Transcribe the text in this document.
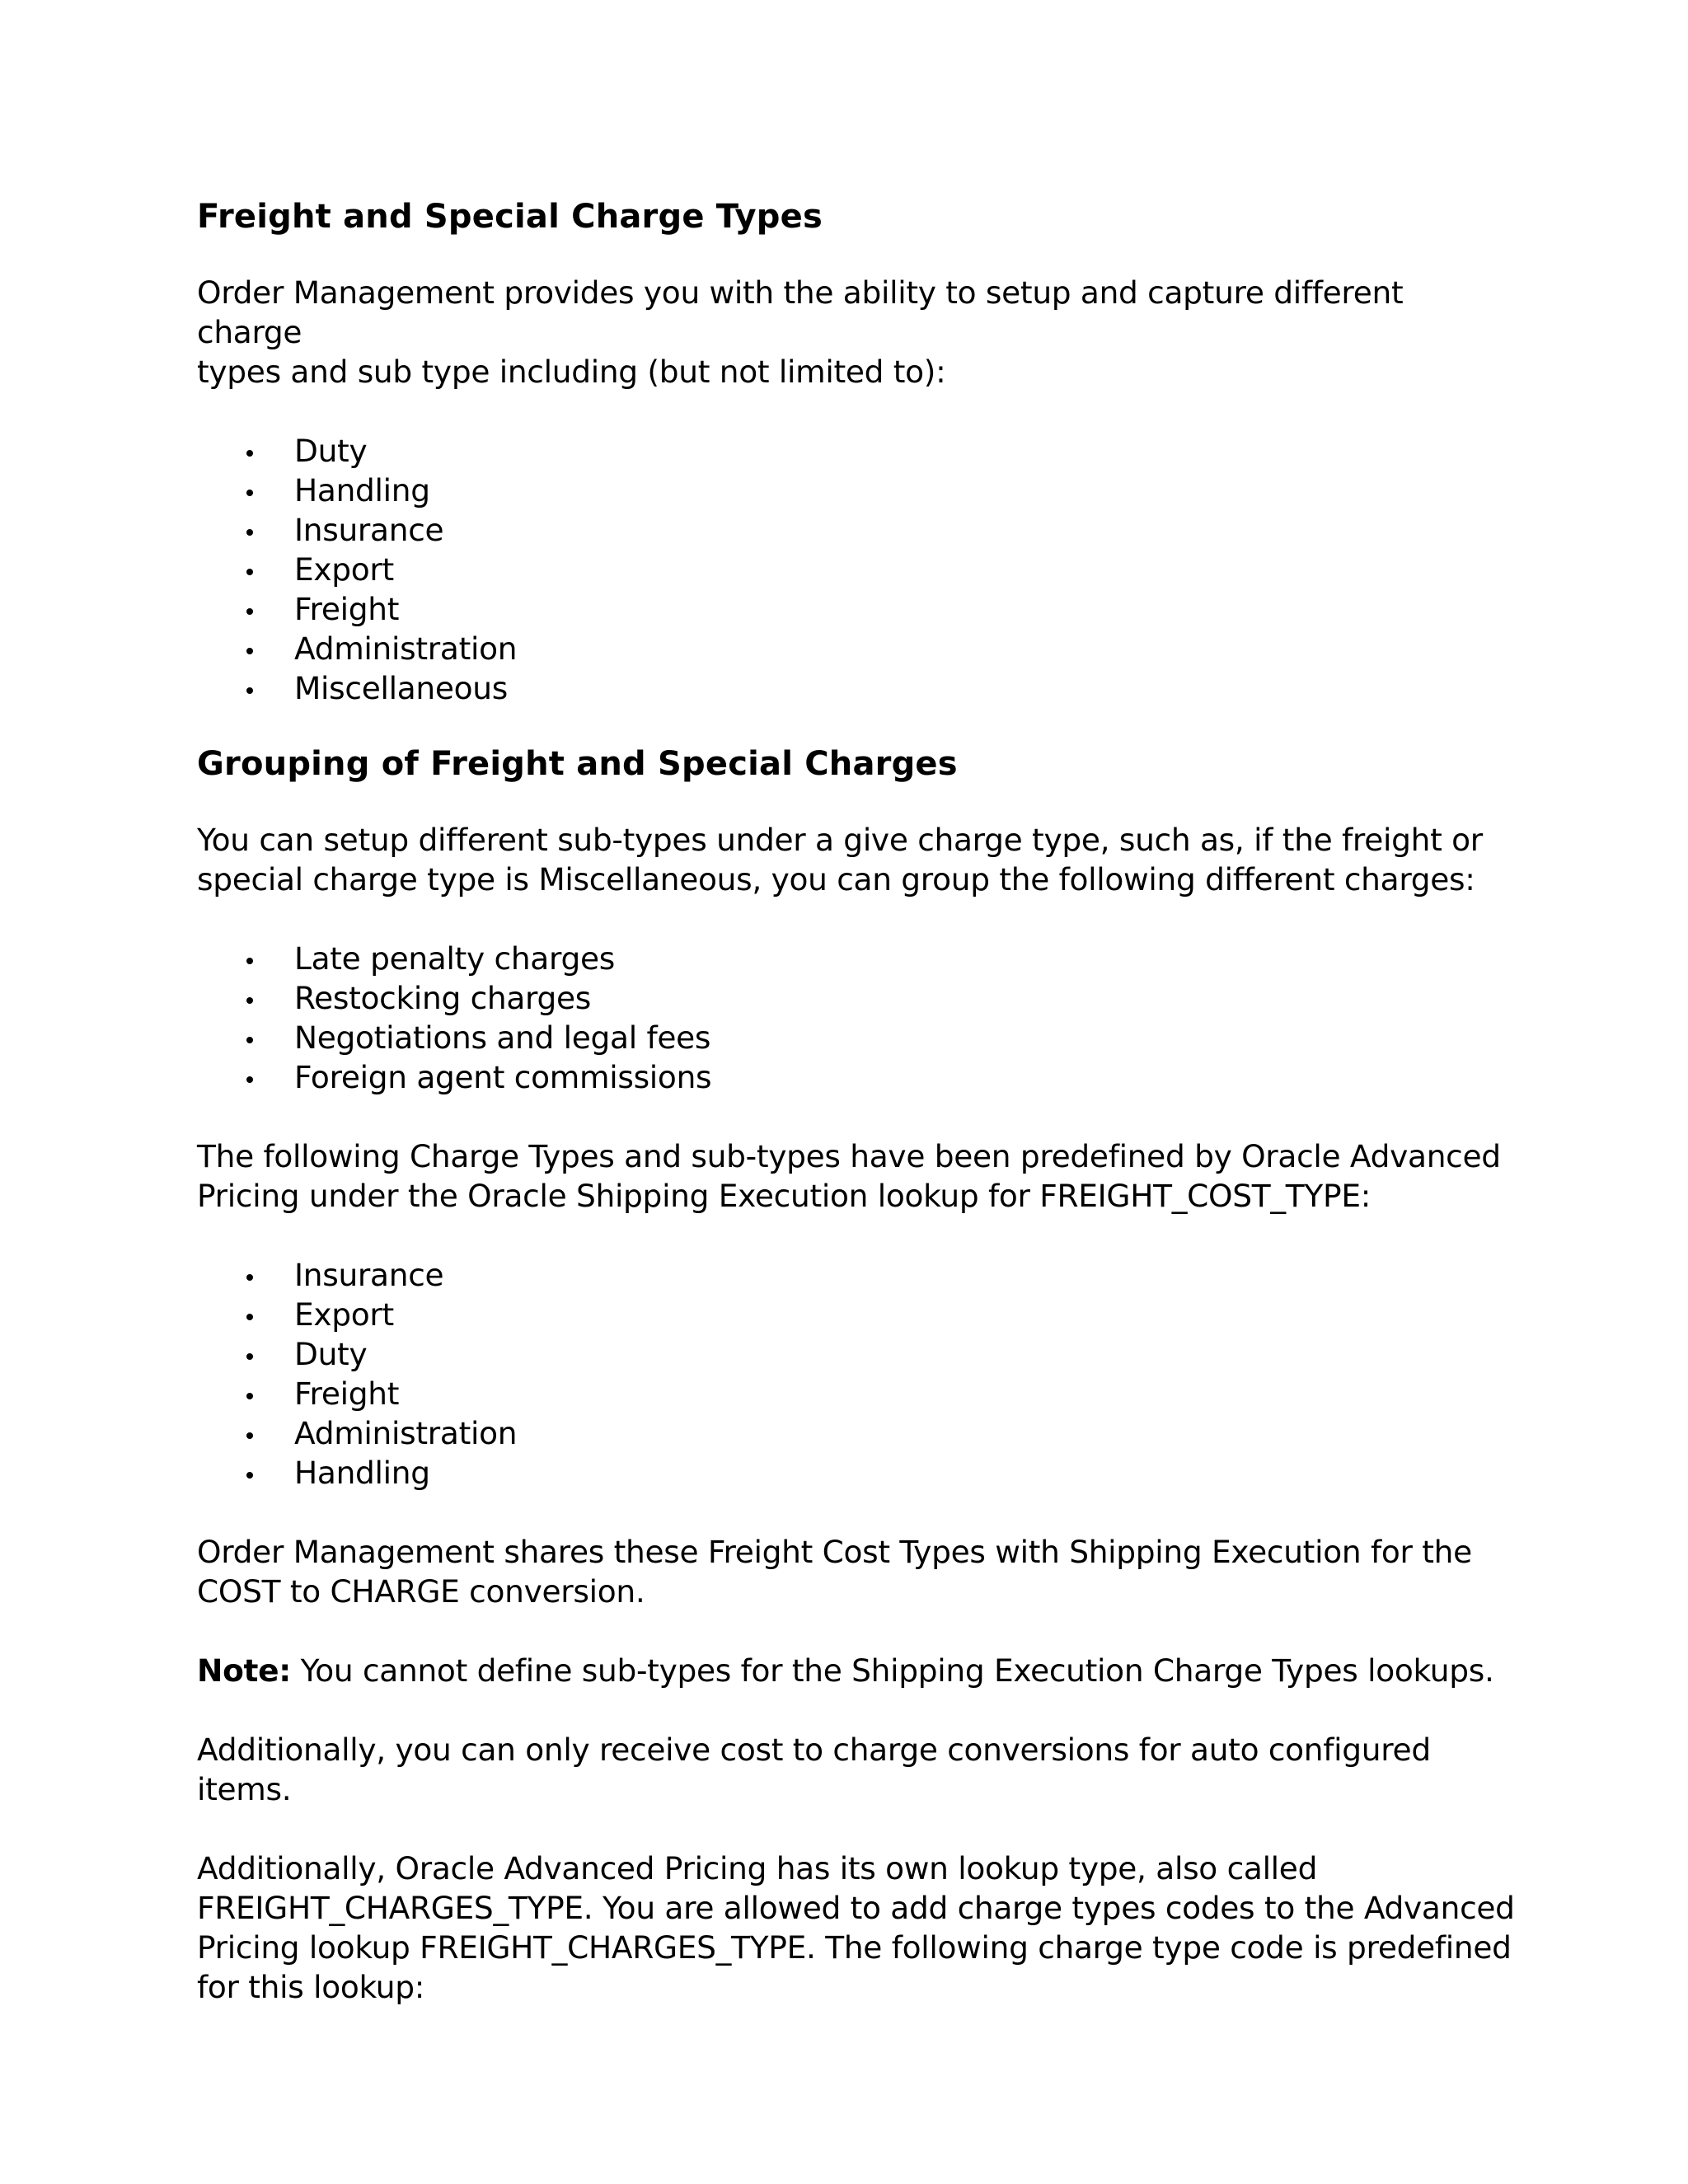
Freight and Special Charge Types

Order Management provides you with the ability to setup and capture different charge
types and sub type including (but not limited to):

Duty
Handling
Insurance
Export
Freight
Administration
Miscellaneous
Grouping of Freight and Special Charges

You can setup different sub-types under a give charge type, such as, if the freight or
special charge type is Miscellaneous, you can group the following different charges:

Late penalty charges
Restocking charges
Negotiations and legal fees
Foreign agent commissions

The following Charge Types and sub-types have been predefined by Oracle Advanced
Pricing under the Oracle Shipping Execution lookup for FREIGHT_COST_TYPE:

Insurance
Export
Duty
Freight
Administration
Handling

Order Management shares these Freight Cost Types with Shipping Execution for the
COST to CHARGE conversion.

Note: You cannot define sub-types for the Shipping Execution Charge Types lookups.

Additionally, you can only receive cost to charge conversions for auto configured items.

Additionally, Oracle Advanced Pricing has its own lookup type, also called
FREIGHT_CHARGES_TYPE. You are allowed to add charge types codes to the Advanced
Pricing lookup FREIGHT_CHARGES_TYPE. The following charge type code is predefined
for this lookup:
